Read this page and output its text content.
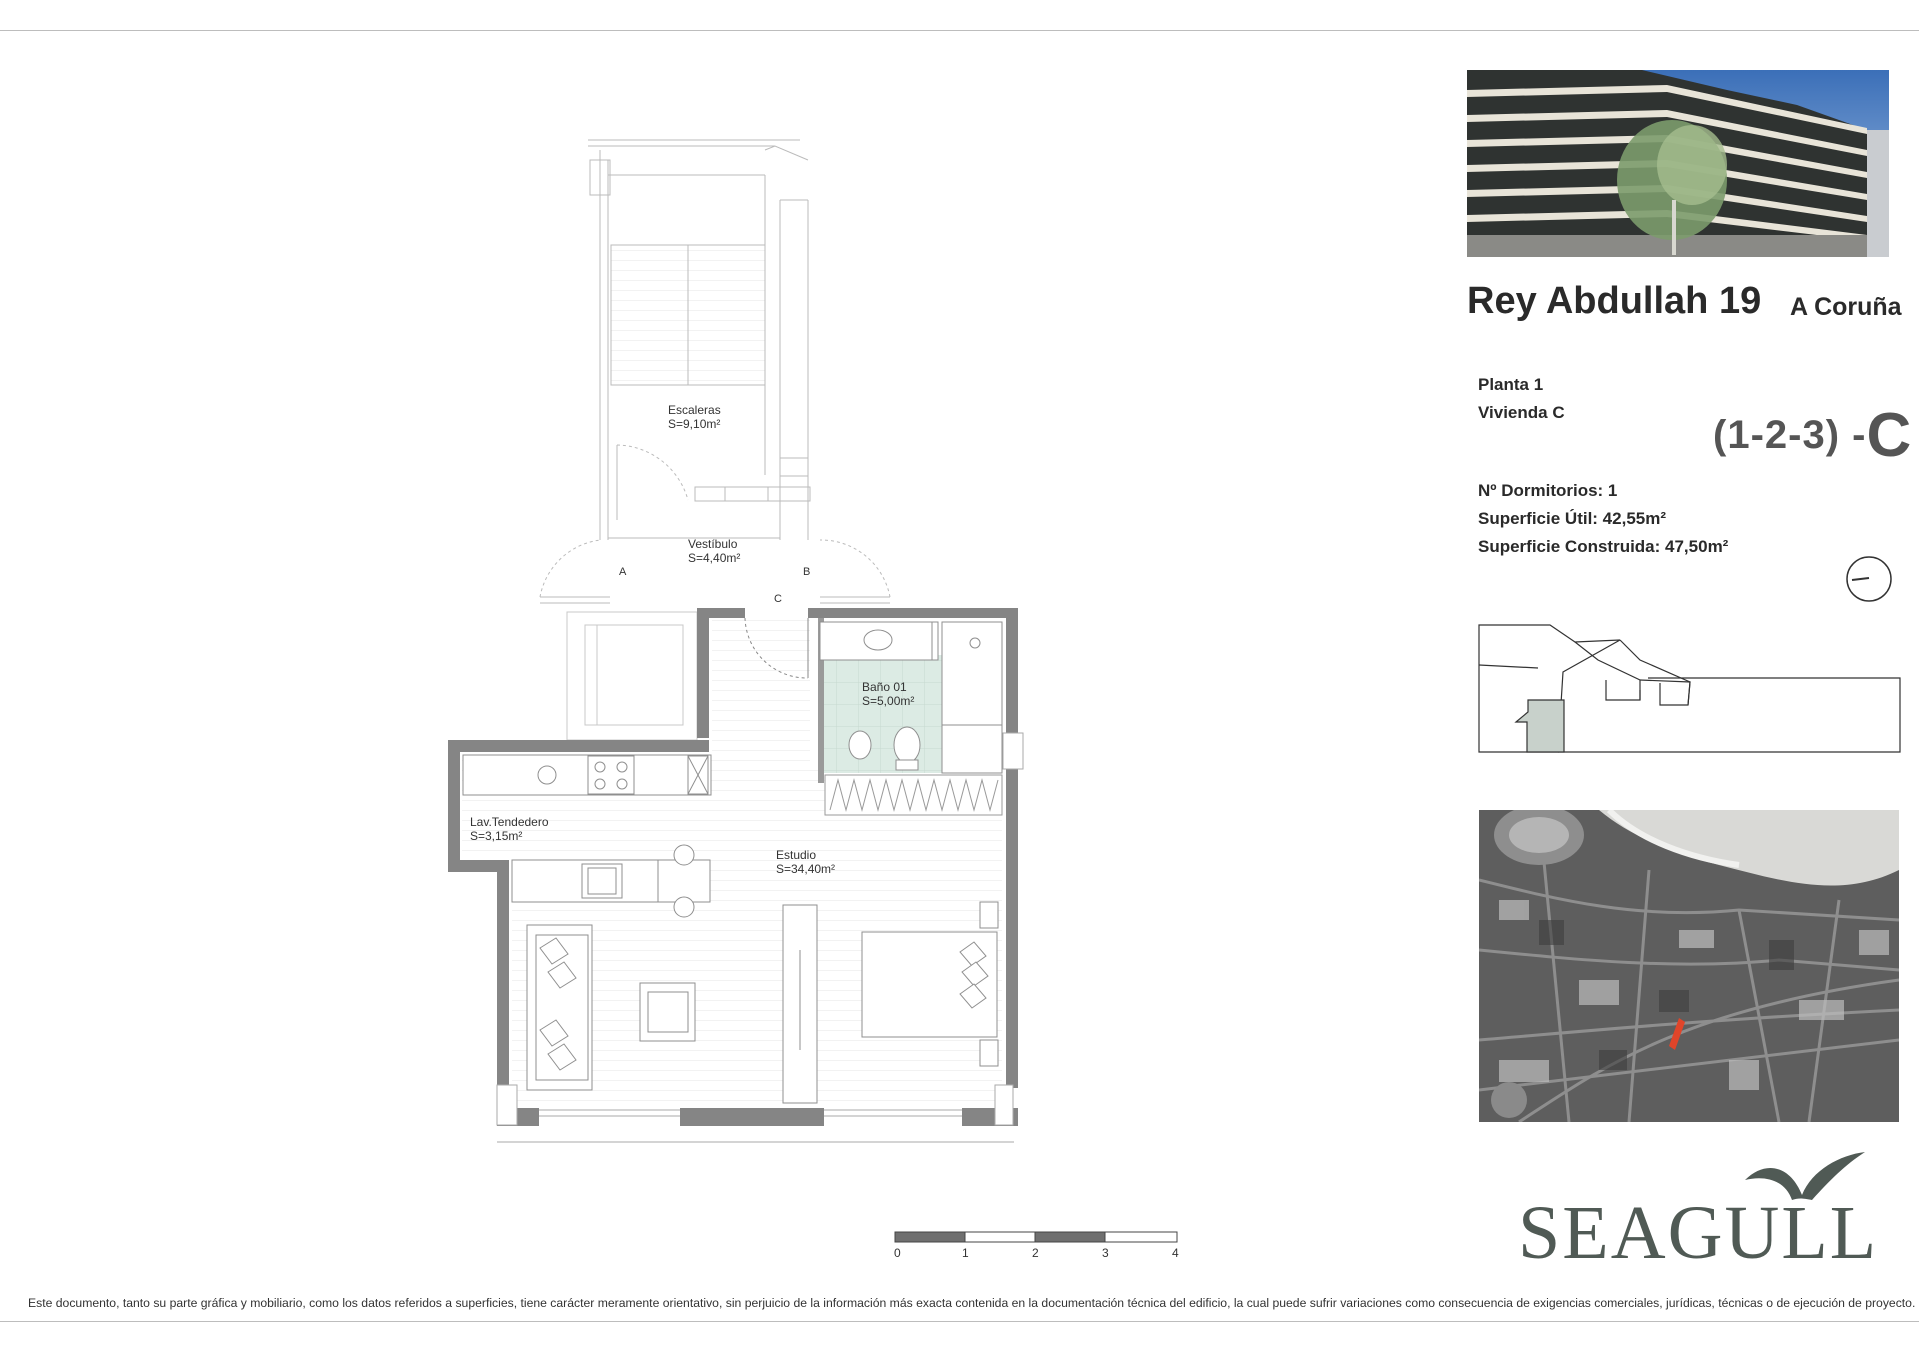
Escaleras
S=9,10m²
Vestíbulo
S=4,40m²
Baño 01
S=5,00m²
Lav.Tendedero
S=3,15m²
Estudio
S=34,40m²
A	B
C
0	1	2	3	4
Rey Abdullah 19 A Coruña
Planta 1
Vivienda C
(1-2-3) -C
Nº Dormitorios: 1
Superficie Útil: 42,55m²
Superficie Construida: 47,50m²
SEAGULL
Este documento, tanto su parte gráfica y mobiliario, como los datos referidos a superficies, tiene carácter meramente orientativo, sin perjuicio de la información más exacta contenida en la documentación técnica del edificio, la cual puede sufrir variaciones como consecuencia de exigencias comerciales, jurídicas, técnicas o de ejecución de proyecto.
